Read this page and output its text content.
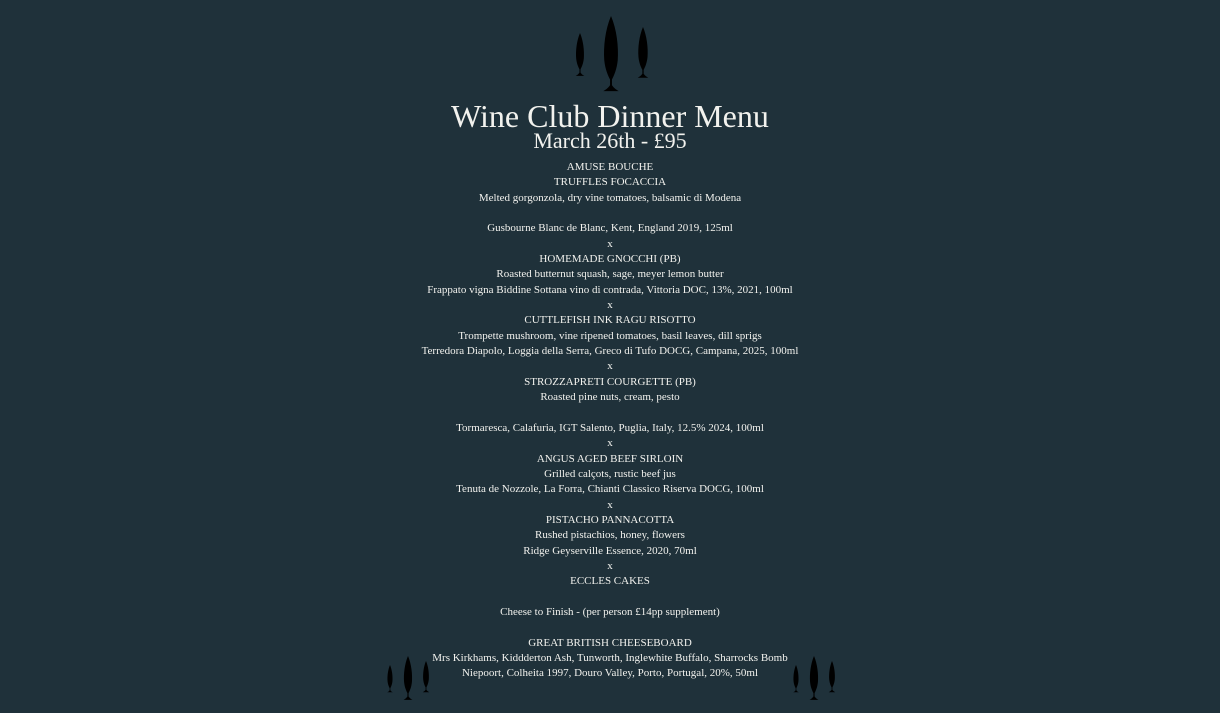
Wine Club Dinner Menu
March 26th - £95
AMUSE BOUCHE
TRUFFLES FOCACCIA
Melted gorgonzola, dry vine tomatoes, balsamic di Modena
Gusbourne Blanc de Blanc, Kent, England 2019, 125ml
x
HOMEMADE GNOCCHI (PB)
Roasted butternut squash, sage, meyer lemon butter
Frappato vigna Biddine Sottana vino di contrada, Vittoria DOC, 13%, 2021, 100ml
x
CUTTLEFISH INK RAGU RISOTTO
Trompette mushroom, vine ripened tomatoes, basil leaves, dill sprigs
Terredora Diapolo, Loggia della Serra, Greco di Tufo DOCG, Campana, 2025, 100ml
x
STROZZAPRETI COURGETTE (PB)
Roasted pine nuts, cream, pesto
Tormaresca, Calafuria, IGT Salento, Puglia, Italy, 12.5% 2024, 100ml
x
ANGUS AGED BEEF SIRLOIN
Grilled calçots, rustic beef jus
Tenuta de Nozzole, La Forra, Chianti Classico Riserva DOCG, 100ml
x
PISTACHO PANNACOTTA
Rushed pistachios, honey, flowers
Ridge Geyserville Essence, 2020, 70ml
x
ECCLES CAKES
Cheese to Finish - (per person £14pp supplement)
GREAT BRITISH CHEESEBOARD
Mrs Kirkhams, Kiddderton Ash, Tunworth, Inglewhite Buffalo, Sharrocks Bomb
Niepoort, Colheita 1997, Douro Valley, Porto, Portugal, 20%, 50ml
